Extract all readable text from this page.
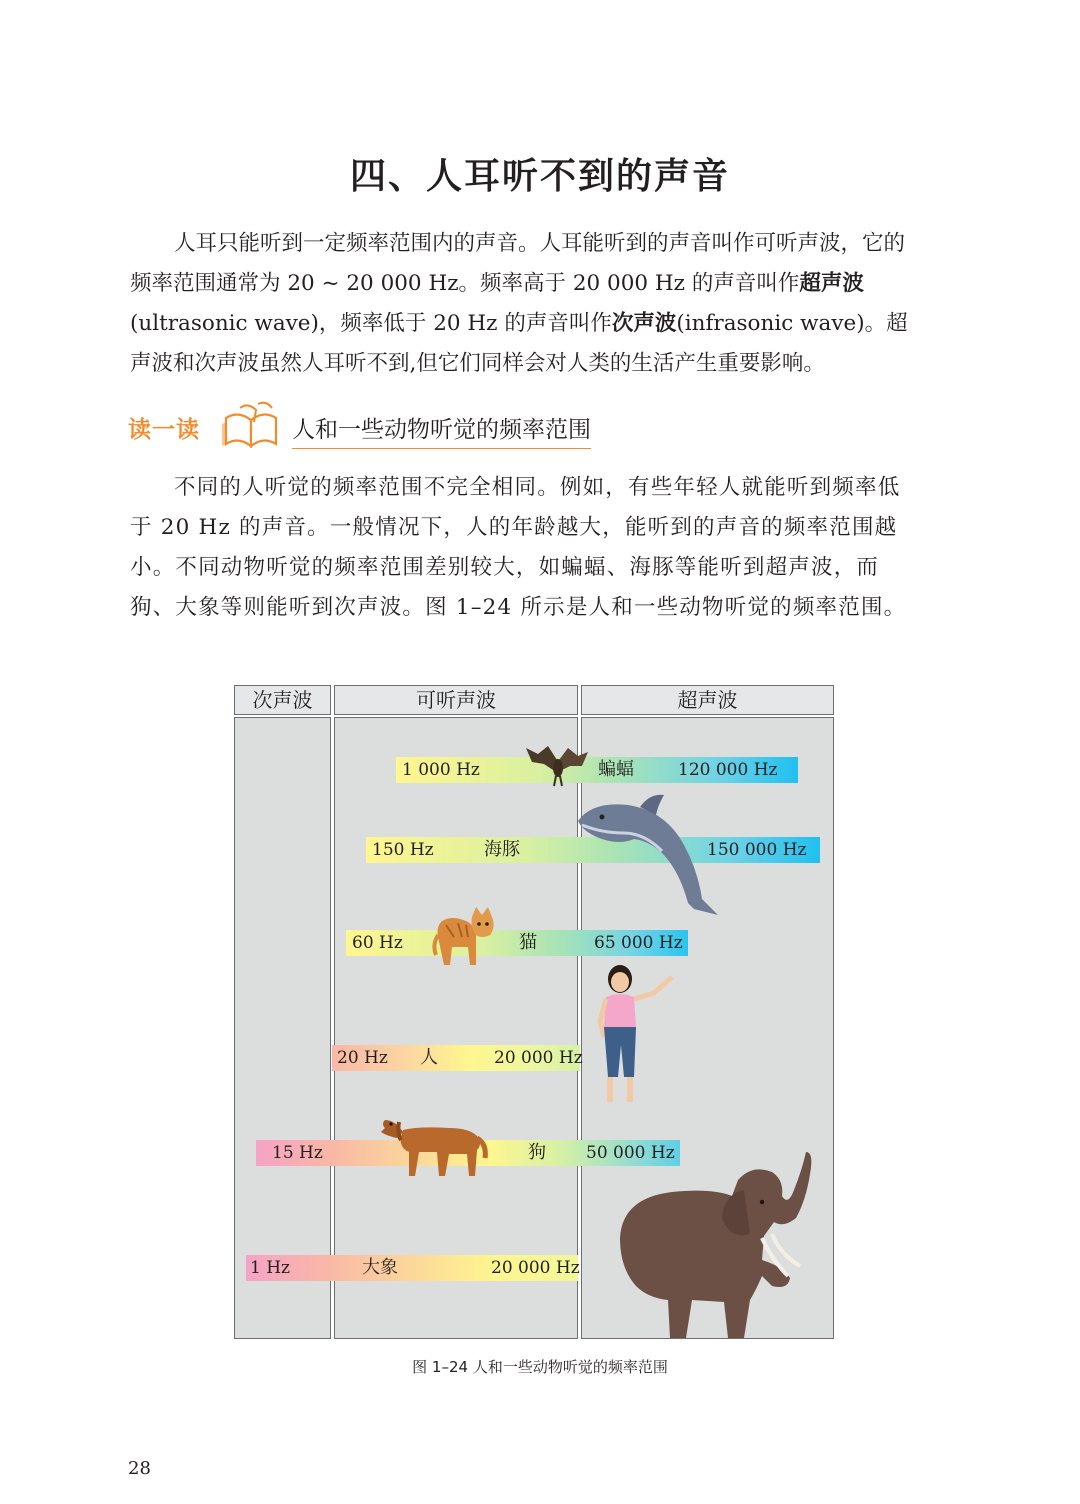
四、人耳听不到的声音
人耳只能听到一定频率范围内的声音。人耳能听到的声音叫作可听声波，它的频率范围通常为 20 ~ 20 000 Hz。频率高于 20 000 Hz 的声音叫作超声波(ultrasonic wave)，频率低于 20 Hz 的声音叫作次声波(infrasonic wave)。超声波和次声波虽然人耳听不到,但它们同样会对人类的生活产生重要影响。
读一读	人和一些动物听觉的频率范围
不同的人听觉的频率范围不完全相同。例如，有些年轻人就能听到频率低于 20 Hz 的声音。一般情况下，人的年龄越大，能听到的声音的频率范围越小。不同动物听觉的频率范围差别较大，如蝙蝠、海豚等能听到超声波，而狗、大象等则能听到次声波。图 1–24 所示是人和一些动物听觉的频率范围。
次声波	可听声波	超声波
1 000 Hz	蝙蝠	120 000 Hz
150 Hz	海豚	150 000 Hz
60 Hz	猫	65 000 Hz
20 Hz 人	20 000 Hz
15 Hz	狗 50 000 Hz
1 Hz	大象	20 000 Hz
图 1–24 人和一些动物听觉的频率范围
28
